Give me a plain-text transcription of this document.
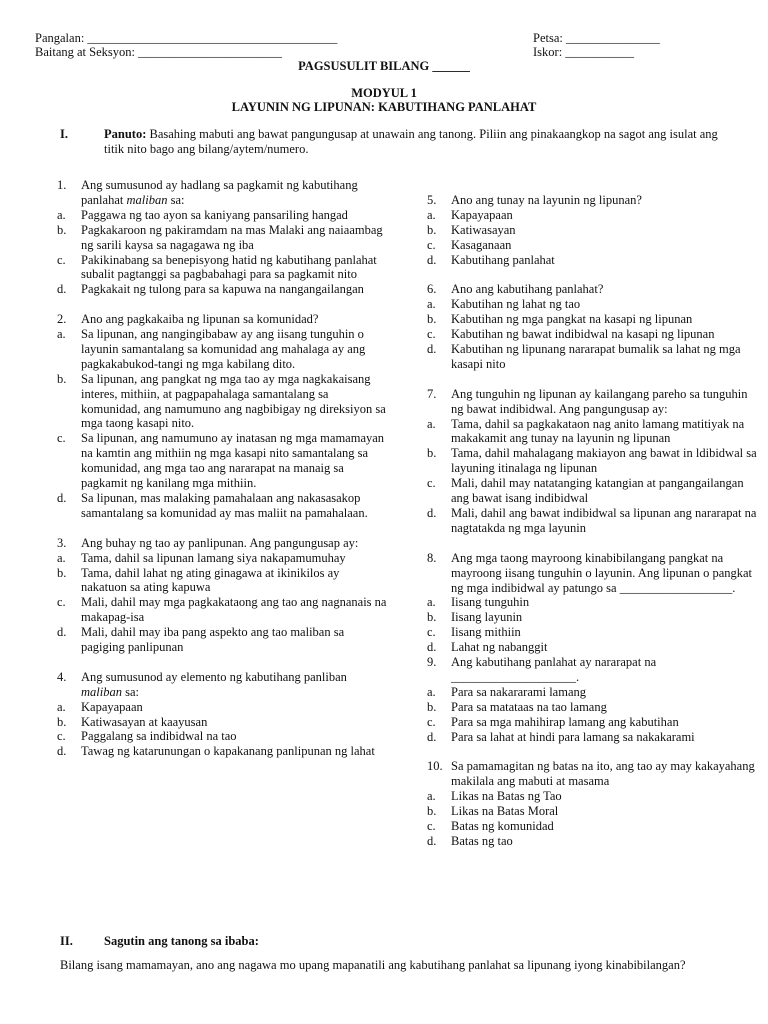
Pangalan: ________________________________________	Petsa: _______________
Baitang at Seksyon: _______________________	Iskor: ___________
PAGSUSULIT BILANG ______
MODYUL 1
LAYUNIN NG LIPUNAN: KABUTIHANG PANLAHAT
I.	Panuto: Basahing mabuti ang bawat pangungusap at unawain ang tanong. Piliin ang pinakaangkop na sagot ang isulat ang titik nito bago ang bilang/aytem/numero.
1.	Ang sumusunod ay hadlang sa pagkamit ng kabutihang panlahat maliban sa:
a.	Paggawa ng tao ayon sa kaniyang pansariling hangad
b.	Pagkakaroon ng pakiramdam na mas Malaki ang naiaambag ng sarili kaysa sa nagagawa ng iba
c.	Pakikinabang sa benepisyong hatid ng kabutihang panlahat subalit pagtanggi sa pagbabahagi para sa pagkamit nito
d.	Pagkakait ng tulong para sa kapuwa na nangangailangan
2.	Ano ang pagkakaiba ng lipunan sa komunidad?
a.	Sa lipunan, ang nangingibabaw ay ang iisang tunguhin o layunin samantalang sa komunidad ang mahalaga ay ang pagkakabukod-tangi ng mga kabilang dito.
b.	Sa lipunan, ang pangkat ng mga tao ay mga nagkakaisang interes, mithiin, at pagpapahalaga samantalang sa komunidad, ang namumuno ang nagbibigay ng direksiyon sa mga taong kasapi nito.
c.	Sa lipunan, ang namumuno ay inatasan ng mga mamamayan na kamtin ang mithiin ng mga kasapi nito samantalang sa komunidad, ang mga tao ang nararapat na manaig sa pagkamit ng kanilang mga mithiin.
d.	Sa lipunan, mas malaking pamahalaan ang nakasasakop samantalang sa komunidad ay mas maliit na pamahalaan.
3.	Ang buhay ng tao ay panlipunan. Ang pangungusap ay:
a.	Tama, dahil sa lipunan lamang siya nakapamumuhay
b.	Tama, dahil lahat ng ating ginagawa at ikinikilos ay nakatuon sa ating kapuwa
c.	Mali, dahil may mga pagkakataong ang tao ang nagnanais na makapag-isa
d.	Mali, dahil may iba pang aspekto ang tao maliban sa pagiging panlipunan
4.	Ang sumusunod ay elemento ng kabutihang panliban maliban sa:
a.	Kapayapaan
b.	Katiwasayan at kaayusan
c.	Paggalang sa indibidwal na tao
d.	Tawag ng katarunungan o kapakanang panlipunan ng lahat
5.	Ano ang tunay na layunin ng lipunan?
a.	Kapayapaan
b.	Katiwasayan
c.	Kasaganaan
d.	Kabutihang panlahat
6.	Ano ang kabutihang panlahat?
a.	Kabutihan ng lahat ng tao
b.	Kabutihan ng mga pangkat na kasapi ng lipunan
c.	Kabutihan ng bawat indibidwal na kasapi ng lipunan
d.	Kabutihan ng lipunang nararapat bumalik sa lahat ng mga kasapi nito
7.	Ang tunguhin ng lipunan ay kailangang pareho sa tunguhin ng bawat indibidwal. Ang pangungusap ay:
a.	Tama, dahil sa pagkakataon nag anito lamang matitiyak na makakamit ang tunay na layunin ng lipunan
b.	Tama, dahil mahalagang makiayon ang bawat in ldibidwal sa layuning itinalaga ng lipunan
c.	Mali, dahil may natatanging katangian at pangangailangan ang bawat isang indibidwal
d.	Mali, dahil ang bawat indibidwal sa lipunan ang nararapat na nagtatakda ng mga layunin
8.	Ang mga taong mayroong kinabibilangang pangkat na mayroong iisang tunguhin o layunin. Ang lipunan o pangkat ng mga indibidwal ay patungo sa __________________.
a.	Iisang tunguhin
b.	Iisang layunin
c.	Iisang mithiin
d.	Lahat ng nabanggit
9.	Ang kabutihang panlahat ay nararapat na ____________________.
a.	Para sa nakararami lamang
b.	Para sa matataas na tao lamang
c.	Para sa mga mahihirap lamang ang kabutihan
d.	Para sa lahat at hindi para lamang sa nakakarami
10. Sa pamamagitan ng batas na ito, ang tao ay may kakayahang makilala ang mabuti at masama
a.	Likas na Batas ng Tao
b.	Likas na Batas Moral
c.	Batas ng komunidad
d.	Batas ng tao
II. Sagutin ang tanong sa ibaba:
Bilang isang mamamayan, ano ang nagawa mo upang mapanatili ang kabutihang panlahat sa lipunang iyong kinabibilangan?
